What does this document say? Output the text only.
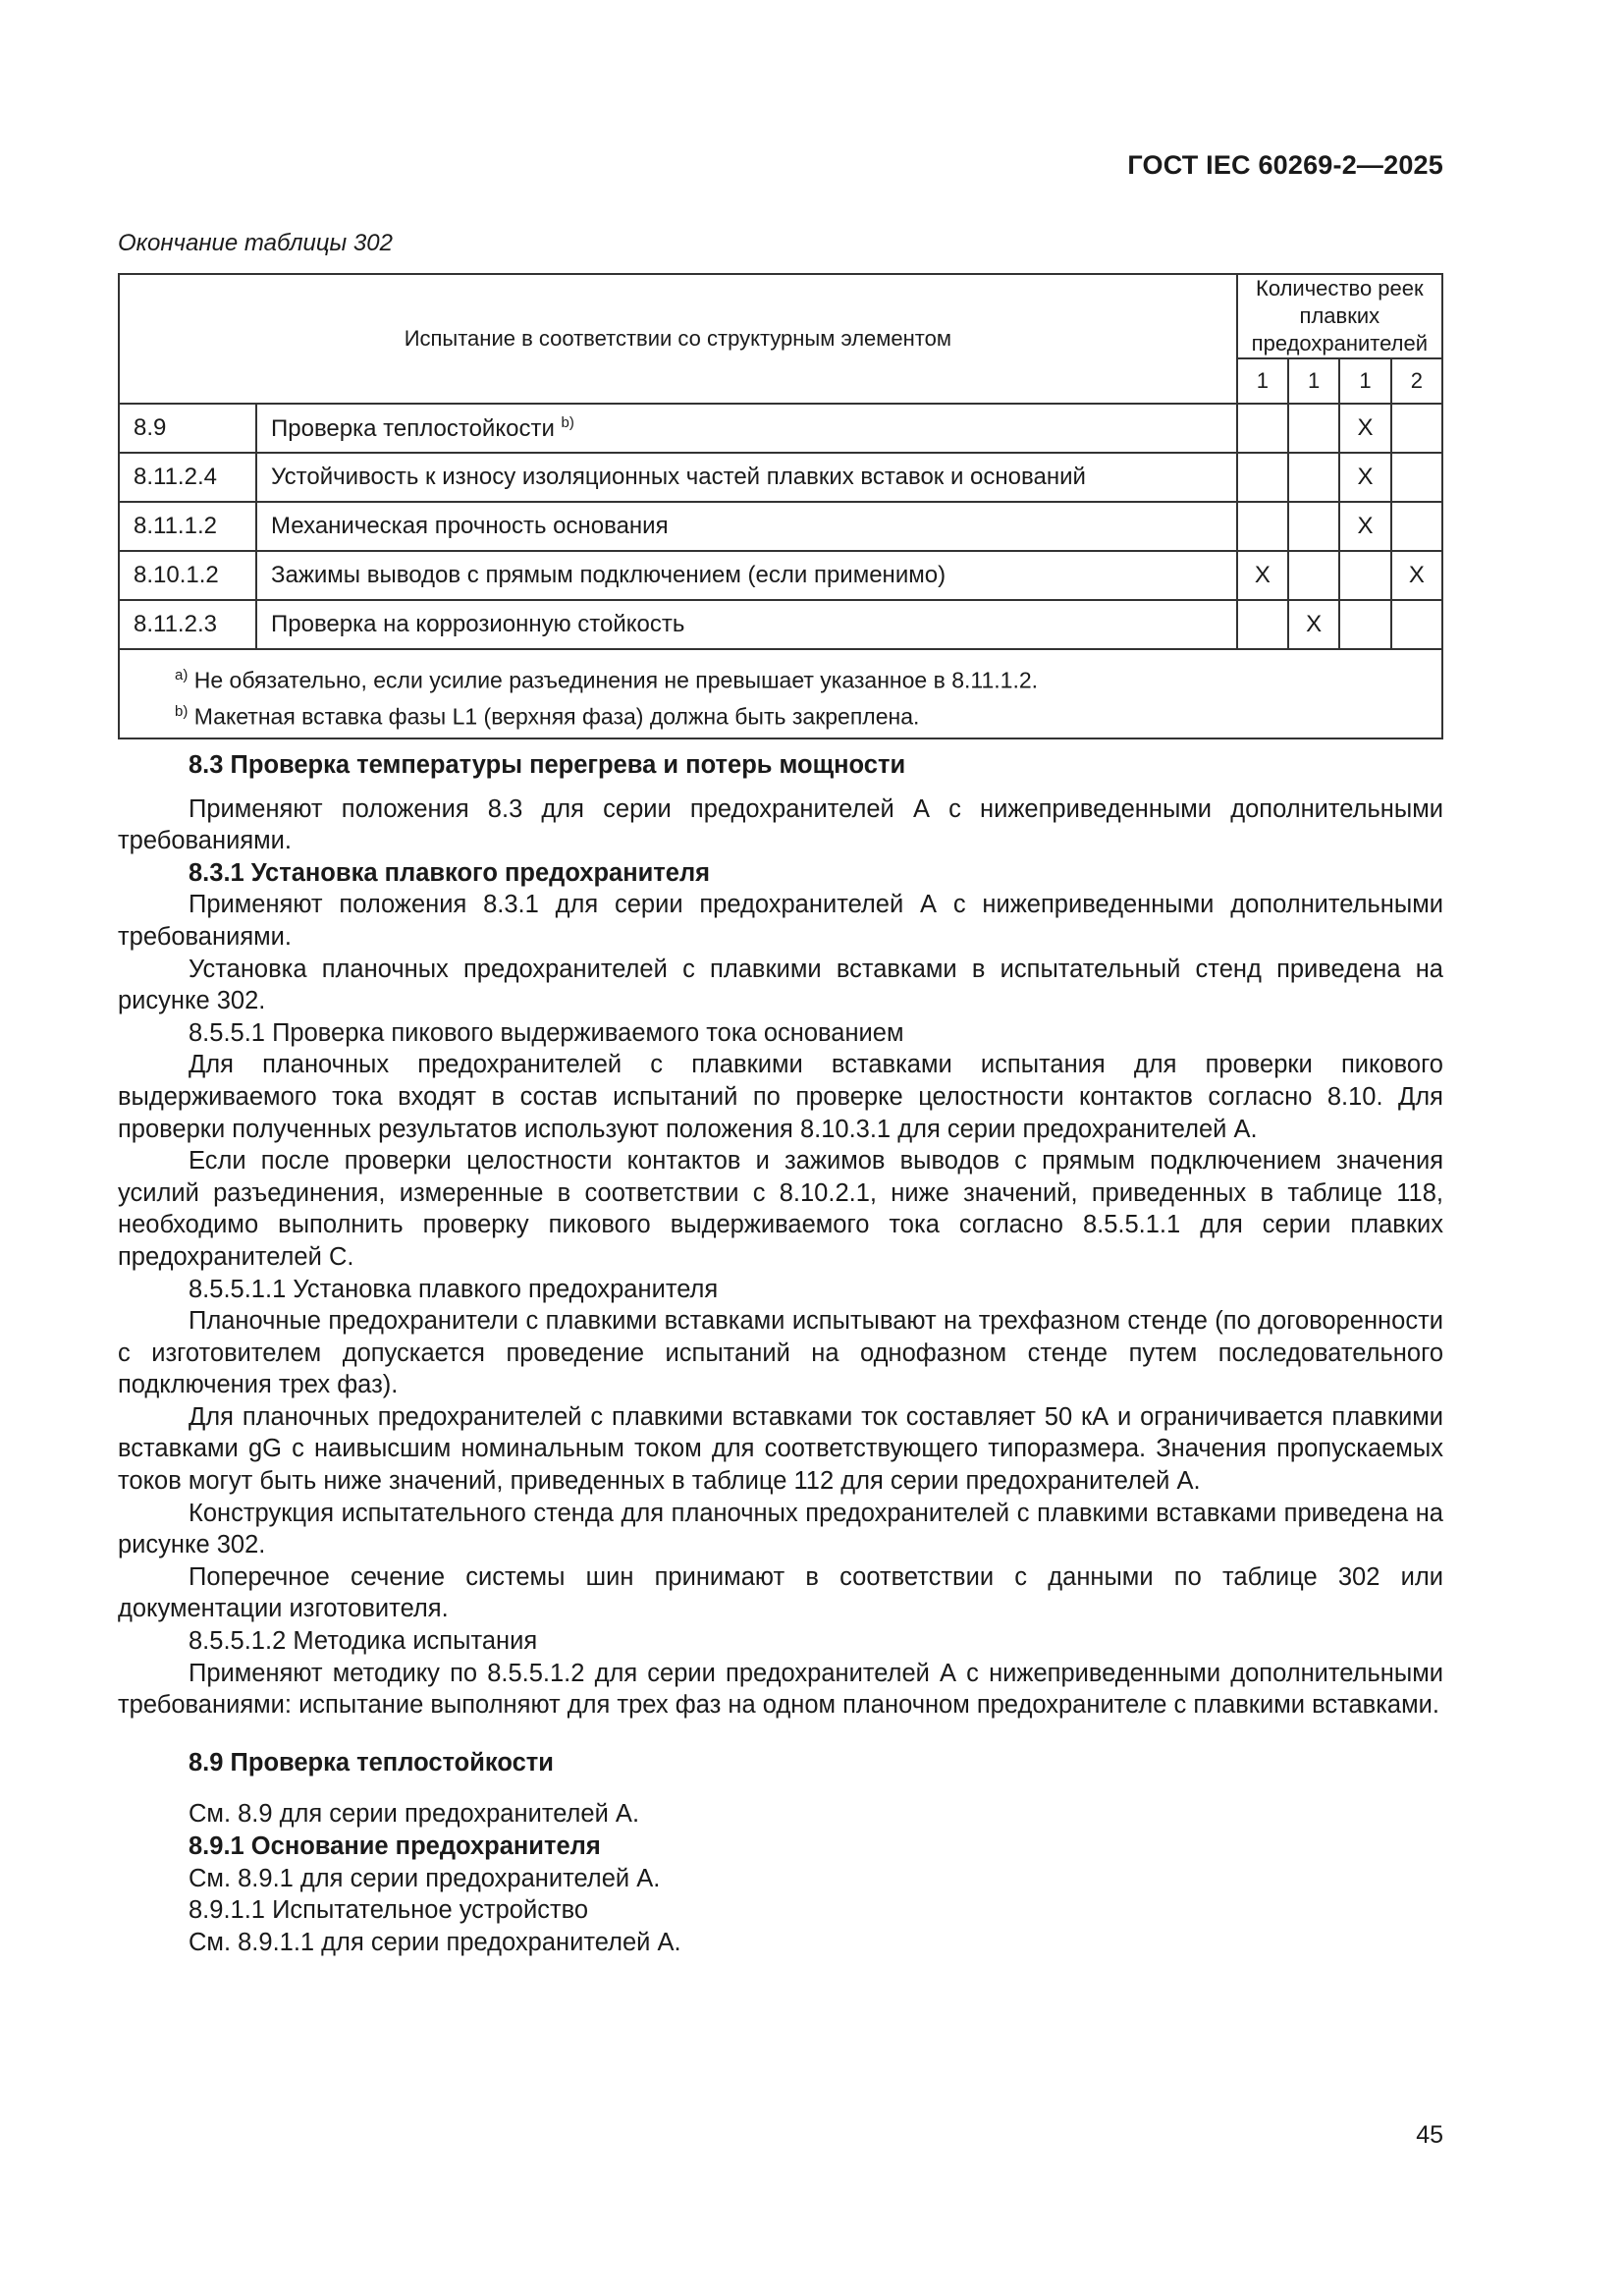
ГОСТ IEC 60269-2—2025
Окончание таблицы 302
Испытание в соответствии со структурным элементом		Количество реек плавких предохранителей			
		1	1	1	2
8.9	Проверка теплостойкости $^{b)}$			X	
8.11.2.4	Устойчивость к износу изоляционных частей плавких вставок и оснований			X	
8.11.1.2	Механическая прочность основания			X	
8.10.1.2	Зажимы выводов с прямым подключением (если применимо)	X			X
8.11.2.3	Проверка на коррозионную стойкость		X		

$^{a)}$ Не обязательно, если усилие разъединения не превышает указанное в 8.11.1.2.
$^{b)}$ Макетная вставка фазы L1 (верхняя фаза) должна быть закреплена.					

8.3 Проверка температуры перегрева и потерь мощности

Применяют положения 8.3 для серии предохранителей А с нижеприведенными дополнительными требованиями.

8.3.1 Установка плавкого предохранителя

Применяют положения 8.3.1 для серии предохранителей А с нижеприведенными дополнительными требованиями.

Установка планочных предохранителей с плавкими вставками в испытательный стенд приведена на рисунке 302.

8.5.5.1 Проверка пикового выдерживаемого тока основанием

Для планочных предохранителей с плавкими вставками испытания для проверки пикового выдерживаемого тока входят в состав испытаний по проверке целостности контактов согласно 8.10. Для проверки полученных результатов используют положения 8.10.3.1 для серии предохранителей А.

Если после проверки целостности контактов и зажимов выводов с прямым подключением значения усилий разъединения, измеренные в соответствии с 8.10.2.1, ниже значений, приведенных в таблице 118, необходимо выполнить проверку пикового выдерживаемого тока согласно 8.5.5.1.1 для серии плавких предохранителей С.

8.5.5.1.1 Установка плавкого предохранителя

Планочные предохранители с плавкими вставками испытывают на трехфазном стенде (по договоренности с изготовителем допускается проведение испытаний на однофазном стенде путем последовательного подключения трех фаз).

Для планочных предохранителей с плавкими вставками ток составляет 50 кА и ограничивается плавкими вставками gG с наивысшим номинальным током для соответствующего типоразмера. Значения пропускаемых токов могут быть ниже значений, приведенных в таблице 112 для серии предохранителей А.

Конструкция испытательного стенда для планочных предохранителей с плавкими вставками приведена на рисунке 302.

Поперечное сечение системы шин принимают в соответствии с данными по таблице 302 или документации изготовителя.

8.5.5.1.2 Методика испытания

Применяют методику по 8.5.5.1.2 для серии предохранителей А с нижеприведенными дополнительными требованиями: испытание выполняют для трех фаз на одном планочном предохранителе с плавкими вставками.

8.9 Проверка теплостойкости

См. 8.9 для серии предохранителей А.

8.9.1 Основание предохранителя

См. 8.9.1 для серии предохранителей А.

8.9.1.1 Испытательное устройство

См. 8.9.1.1 для серии предохранителей А.

45
